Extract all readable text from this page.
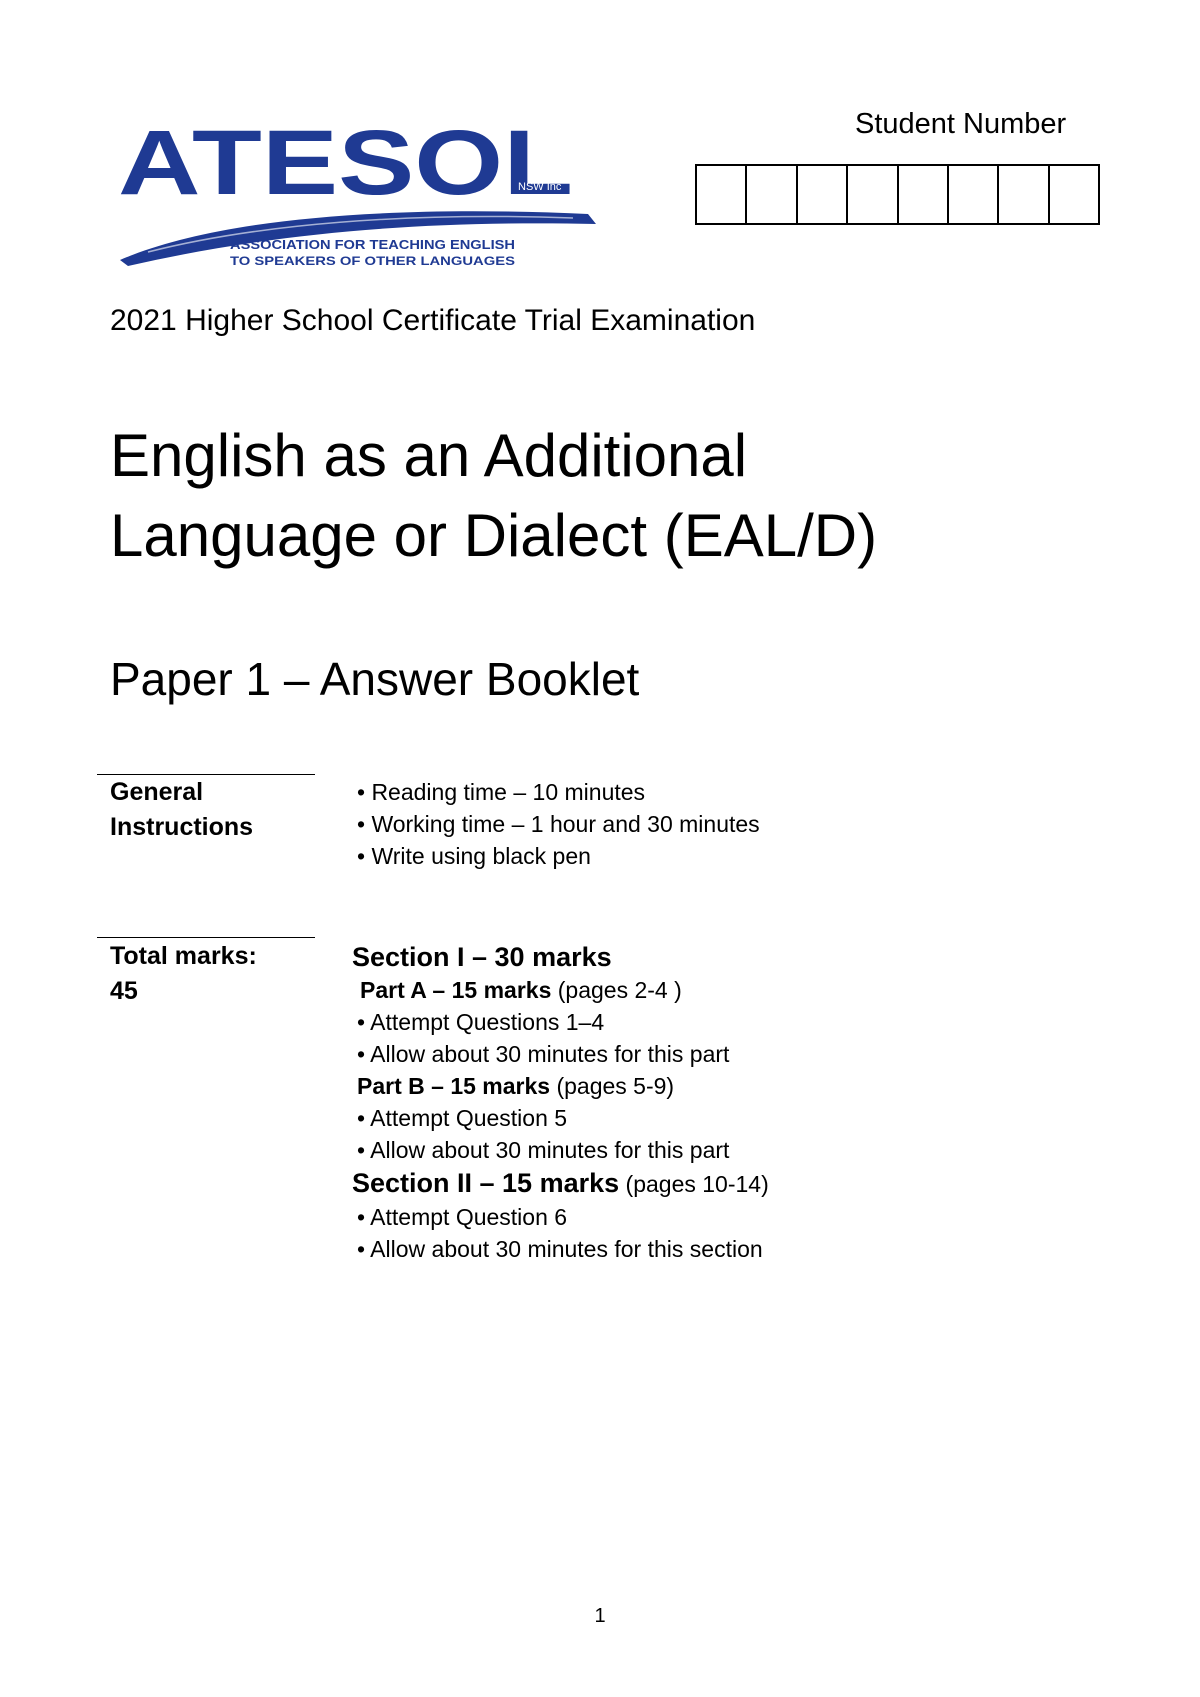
ATESOL
NSW Inc
ASSOCIATION FOR TEACHING ENGLISH
TO SPEAKERS OF OTHER LANGUAGES
Student Number
2021 Higher School Certificate Trial Examination
English as an Additional
Language or Dialect (EAL/D)
Paper 1 – Answer Booklet
General
Instructions
• Reading time – 10 minutes
• Working time – 1 hour and 30 minutes
• Write using black pen
Total marks:
45
Section I – 30 marks
Part A – 15 marks (pages 2-4 )
• Attempt Questions 1–4
• Allow about 30 minutes for this part
Part B – 15 marks (pages 5-9)
• Attempt Question 5
• Allow about 30 minutes for this part
Section II – 15 marks (pages 10-14)
• Attempt Question 6
• Allow about 30 minutes for this section
1
